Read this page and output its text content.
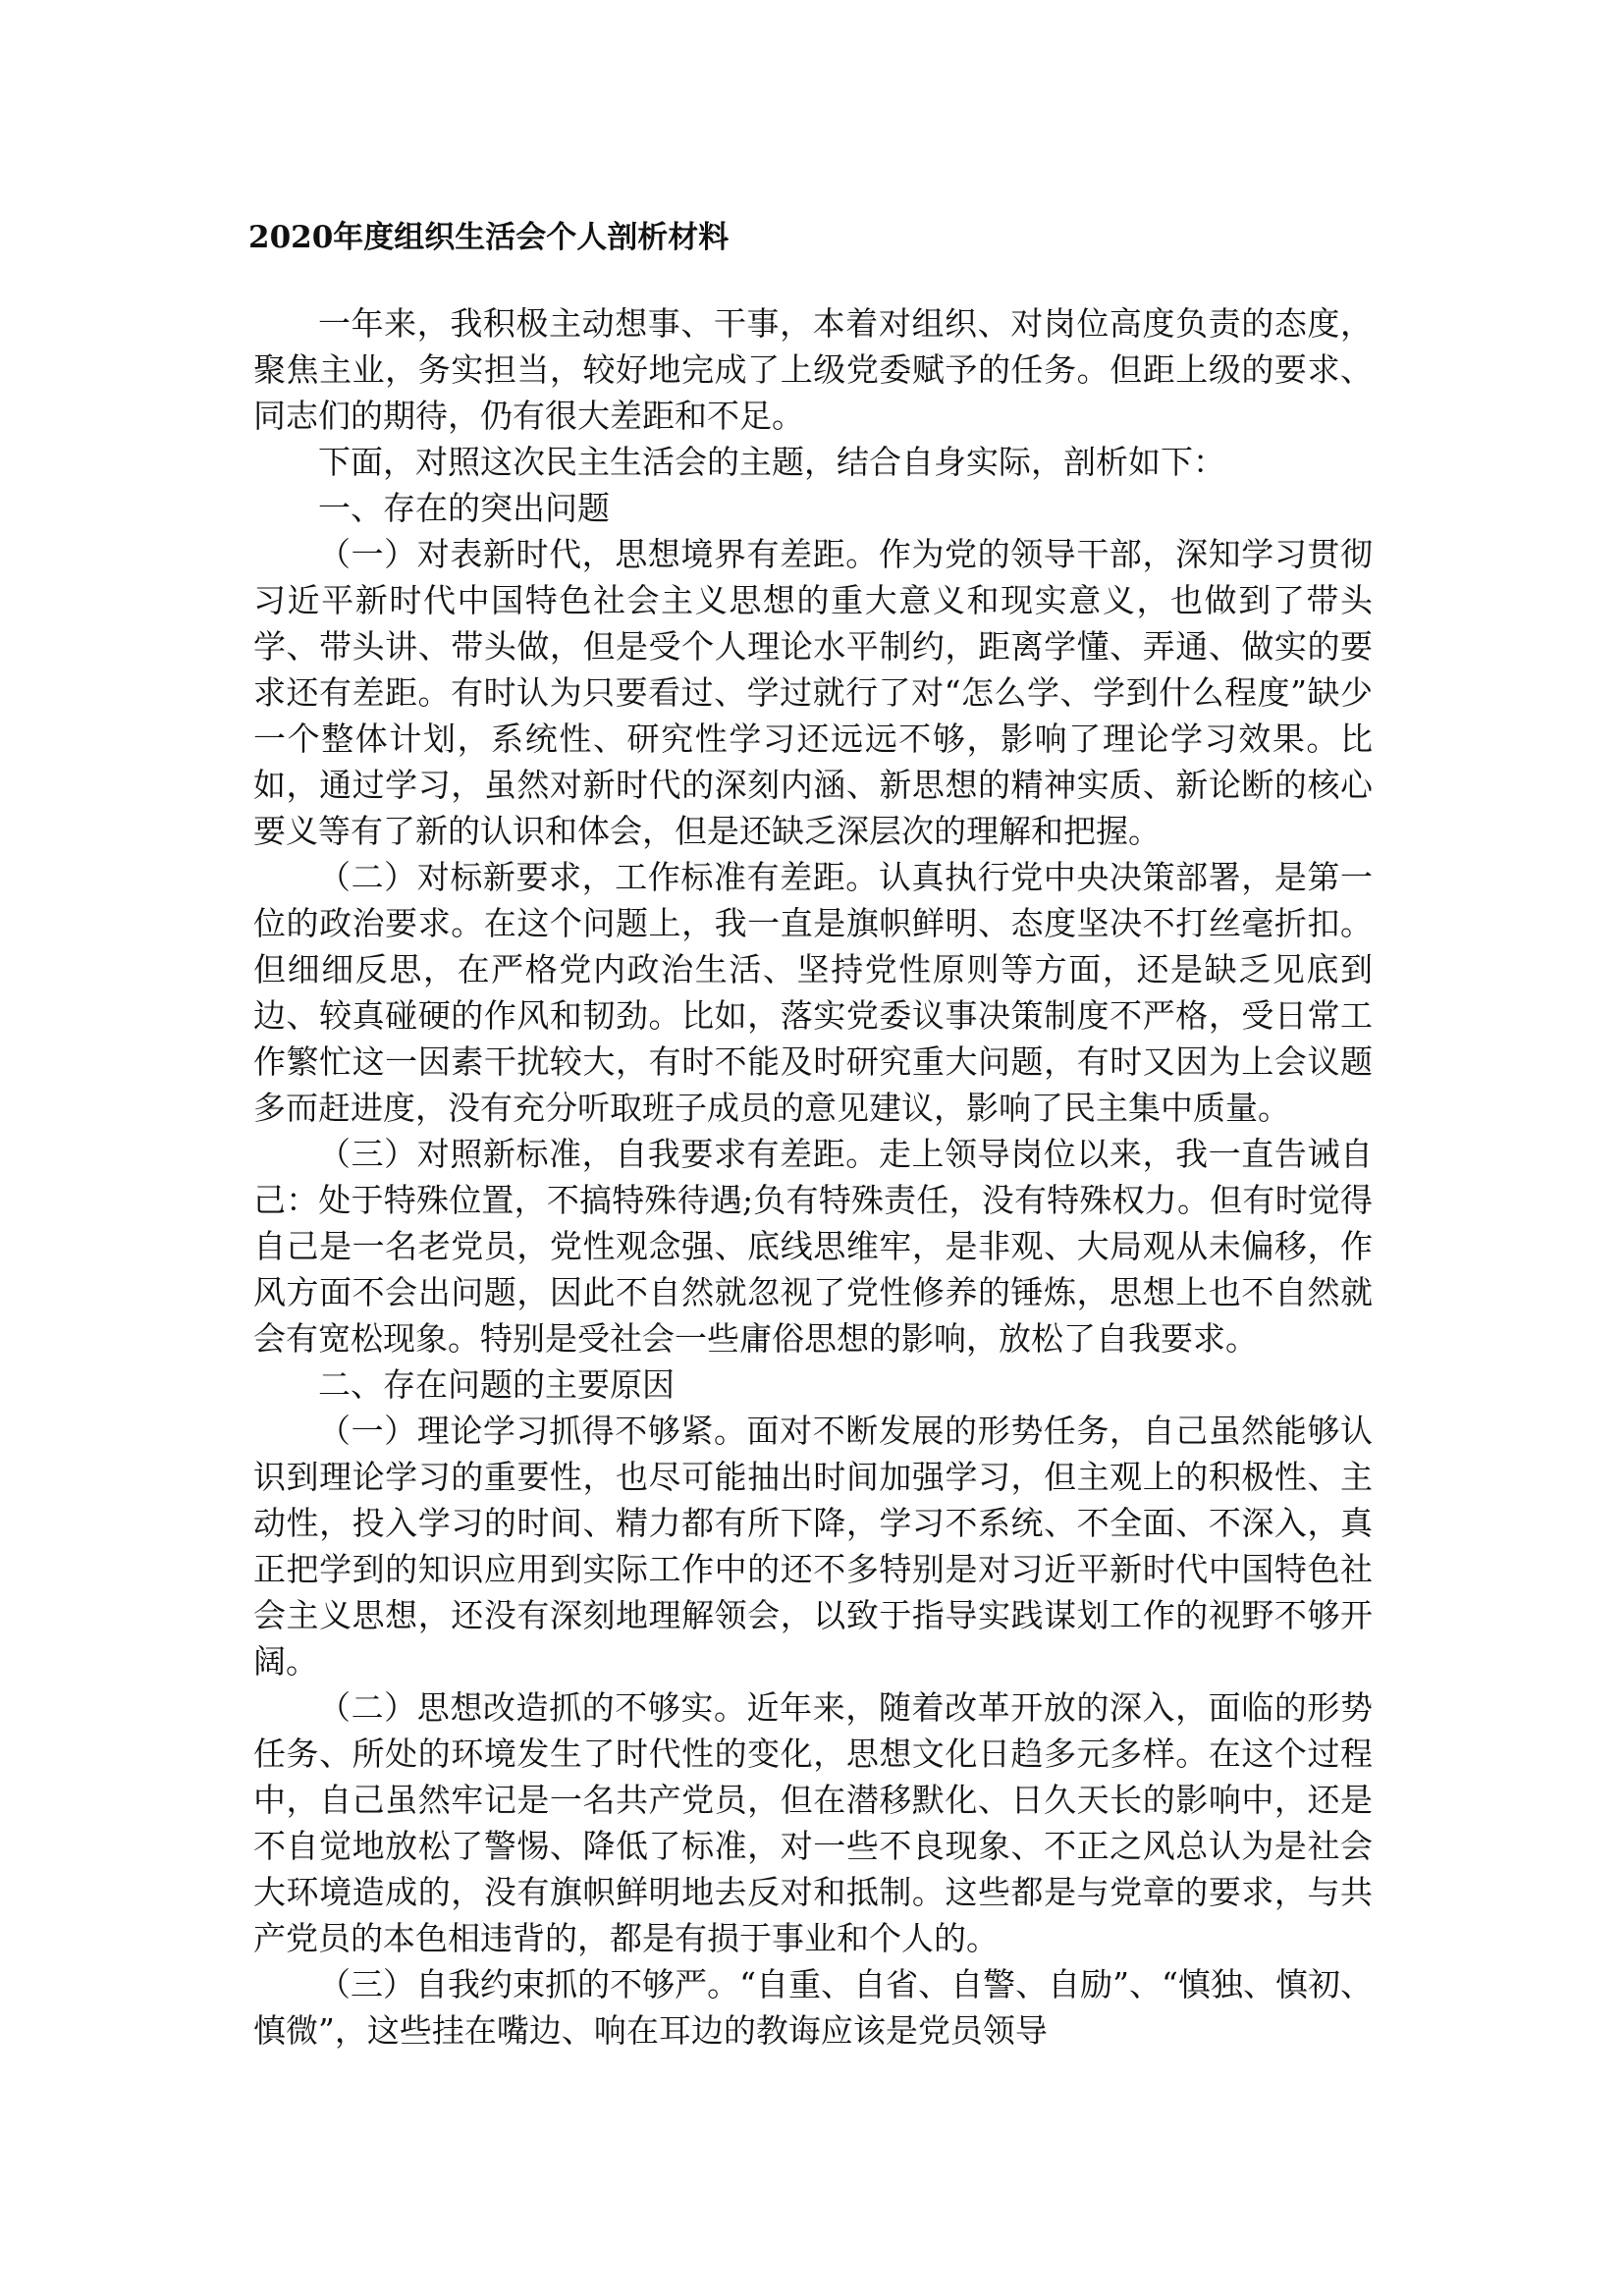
2020年度组织生活会个人剖析材料

一年来，我积极主动想事、干事，本着对组织、对岗位高度负责的态度，聚焦主业，务实担当，较好地完成了上级党委赋予的任务。但距上级的要求、同志们的期待，仍有很大差距和不足。

下面，对照这次民主生活会的主题，结合自身实际，剖析如下：

一、存在的突出问题

（一）对表新时代，思想境界有差距。作为党的领导干部，深知学习贯彻习近平新时代中国特色社会主义思想的重大意义和现实意义，也做到了带头学、带头讲、带头做，但是受个人理论水平制约，距离学懂、弄通、做实的要求还有差距。有时认为只要看过、学过就行了对“怎么学、学到什么程度”缺少一个整体计划，系统性、研究性学习还远远不够，影响了理论学习效果。比如，通过学习，虽然对新时代的深刻内涵、新思想的精神实质、新论断的核心要义等有了新的认识和体会，但是还缺乏深层次的理解和把握。

（二）对标新要求，工作标准有差距。认真执行党中央决策部署，是第一位的政治要求。在这个问题上，我一直是旗帜鲜明、态度坚决不打丝毫折扣。但细细反思，在严格党内政治生活、坚持党性原则等方面，还是缺乏见底到边、较真碰硬的作风和韧劲。比如，落实党委议事决策制度不严格，受日常工作繁忙这一因素干扰较大，有时不能及时研究重大问题，有时又因为上会议题多而赶进度，没有充分听取班子成员的意见建议，影响了民主集中质量。

（三）对照新标准，自我要求有差距。走上领导岗位以来，我一直告诫自己：处于特殊位置，不搞特殊待遇;负有特殊责任，没有特殊权力。但有时觉得自己是一名老党员，党性观念强、底线思维牢，是非观、大局观从未偏移，作风方面不会出问题，因此不自然就忽视了党性修养的锤炼，思想上也不自然就会有宽松现象。特别是受社会一些庸俗思想的影响，放松了自我要求。

二、存在问题的主要原因

（一）理论学习抓得不够紧。面对不断发展的形势任务，自己虽然能够认识到理论学习的重要性，也尽可能抽出时间加强学习，但主观上的积极性、主动性，投入学习的时间、精力都有所下降，学习不系统、不全面、不深入，真正把学到的知识应用到实际工作中的还不多特别是对习近平新时代中国特色社会主义思想，还没有深刻地理解领会，以致于指导实践谋划工作的视野不够开阔。

（二）思想改造抓的不够实。近年来，随着改革开放的深入，面临的形势任务、所处的环境发生了时代性的变化，思想文化日趋多元多样。在这个过程中，自己虽然牢记是一名共产党员，但在潜移默化、日久天长的影响中，还是不自觉地放松了警惕、降低了标准，对一些不良现象、不正之风总认为是社会大环境造成的，没有旗帜鲜明地去反对和抵制。这些都是与党章的要求，与共产党员的本色相违背的，都是有损于事业和个人的。

（三）自我约束抓的不够严。“自重、自省、自警、自励”、“慎独、慎初、慎微”，这些挂在嘴边、响在耳边的教诲应该是党员领导
